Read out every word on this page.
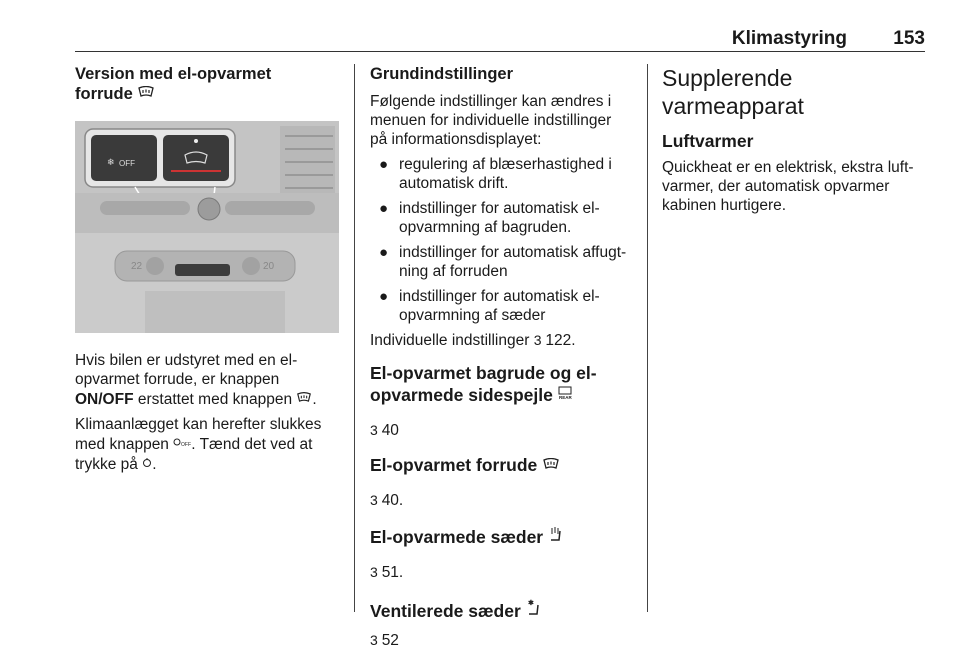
Klimastyring 153
Version med el-opvarmet
forrude
❄ OFF
22	20
Hvis bilen er udstyret med en el-
opvarmet forrude, er knappen
ON/OFF erstattet med knappen .
Klimaanlægget kan herefter slukkes
med knappen OFF . Tænd det ved at
trykke på .
Grundindstillinger
Følgende indstillinger kan ændres i
menuen for individuelle indstillinger
på informationsdisplayet:
● regulering af blæserhastighed i
automatisk drift.
● indstillinger for automatisk el-
opvarmning af bagruden.
● indstillinger for automatisk affugt-
ning af forruden
● indstillinger for automatisk el-
opvarmning af sæder
Individuelle indstillinger 3 122.
El-opvarmet bagrude og el-
opvarmede sidespejle REAR
3 40
El-opvarmet forrude
3 40.
El-opvarmede sæder
3 51.
Ventilerede sæder ✱
3 52
Supplerende varmeapparat
Luftvarmer
Quickheat er en elektrisk, ekstra luft-
varmer, der automatisk opvarmer
kabinen hurtigere.
